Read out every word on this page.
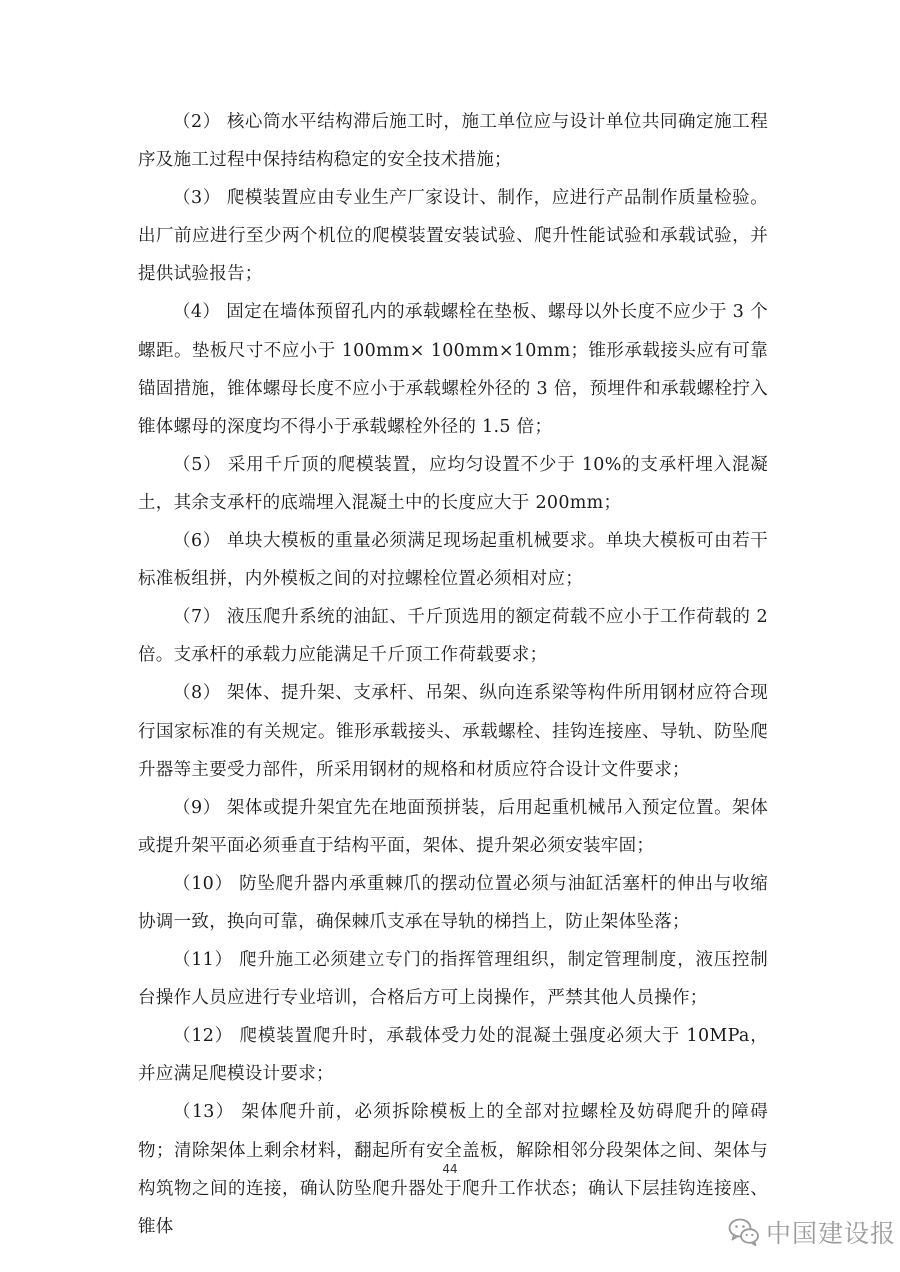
（2） 核心筒水平结构滞后施工时，施工单位应与设计单位共同确定施工程序及施工过程中保持结构稳定的安全技术措施；

（3） 爬模装置应由专业生产厂家设计、制作，应进行产品制作质量检验。出厂前应进行至少两个机位的爬模装置安装试验、爬升性能试验和承载试验，并提供试验报告；

（4） 固定在墙体预留孔内的承载螺栓在垫板、螺母以外长度不应少于 3 个螺距。垫板尺寸不应小于 100mm× 100mm×10mm；锥形承载接头应有可靠锚固措施，锥体螺母长度不应小于承载螺栓外径的 3 倍，预埋件和承载螺栓拧入锥体螺母的深度均不得小于承载螺栓外径的 1.5 倍；

（5） 采用千斤顶的爬模装置，应均匀设置不少于 10%的支承杆埋入混凝土，其余支承杆的底端埋入混凝土中的长度应大于 200mm；

（6） 单块大模板的重量必须满足现场起重机械要求。单块大模板可由若干标准板组拼，内外模板之间的对拉螺栓位置必须相对应；

（7） 液压爬升系统的油缸、千斤顶选用的额定荷载不应小于工作荷载的 2 倍。支承杆的承载力应能满足千斤顶工作荷载要求；

（8） 架体、提升架、支承杆、吊架、纵向连系梁等构件所用钢材应符合现行国家标准的有关规定。锥形承载接头、承载螺栓、挂钩连接座、导轨、防坠爬升器等主要受力部件，所采用钢材的规格和材质应符合设计文件要求；

（9） 架体或提升架宜先在地面预拼装，后用起重机械吊入预定位置。架体或提升架平面必须垂直于结构平面，架体、提升架必须安装牢固；

（10） 防坠爬升器内承重棘爪的摆动位置必须与油缸活塞杆的伸出与收缩协调一致，换向可靠，确保棘爪支承在导轨的梯挡上，防止架体坠落；

（11） 爬升施工必须建立专门的指挥管理组织，制定管理制度，液压控制台操作人员应进行专业培训，合格后方可上岗操作，严禁其他人员操作；

（12） 爬模装置爬升时，承载体受力处的混凝土强度必须大于 10MPa，并应满足爬模设计要求；

（13） 架体爬升前，必须拆除模板上的全部对拉螺栓及妨碍爬升的障碍物；清除架体上剩余材料，翻起所有安全盖板，解除相邻分段架体之间、架体与构筑物之间的连接，确认防坠爬升器处于爬升工作状态；确认下层挂钩连接座、锥体

44
中国建设报
